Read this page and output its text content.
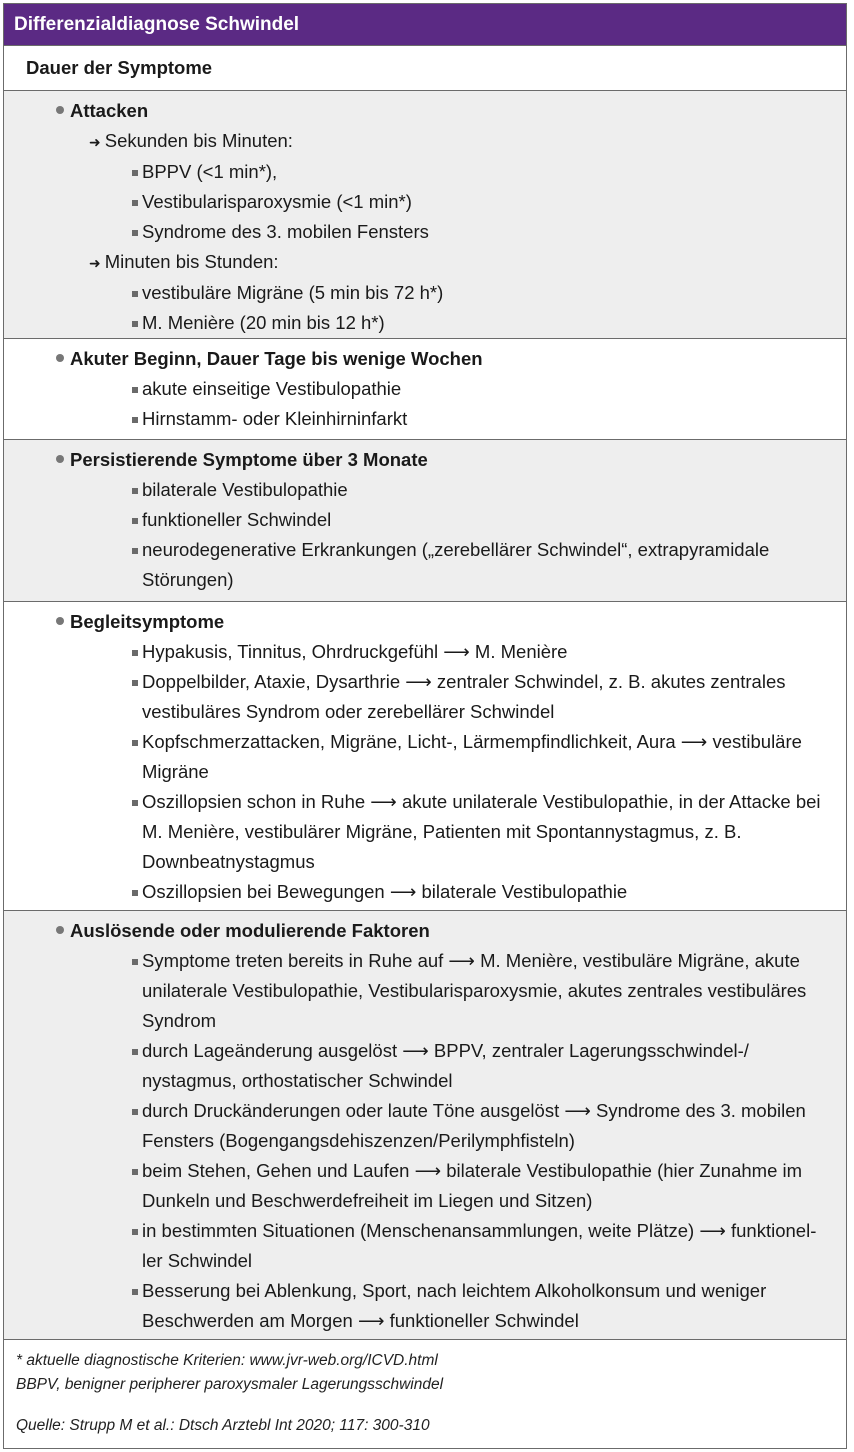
Differenzialdiagnose Schwindel
Dauer der Symptome
Attacken
➜ Sekunden bis Minuten:
BPPV (<1 min*),
Vestibularisparoxysmie (<1 min*)
Syndrome des 3. mobilen Fensters
➜ Minuten bis Stunden:
vestibuläre Migräne (5 min bis 72 h*)
M. Menière (20 min bis 12 h*)
Akuter Beginn, Dauer Tage bis wenige Wochen
akute einseitige Vestibulopathie
Hirnstamm- oder Kleinhirninfarkt
Persistierende Symptome über 3 Monate
bilaterale Vestibulopathie
funktioneller Schwindel
neurodegenerative Erkrankungen („zerebellärer Schwindel“, extrapyramidale
Störungen)
Begleitsymptome
Hypakusis, Tinnitus, Ohrdruckgefühl ⟶ M. Menière
Doppelbilder, Ataxie, Dysarthrie ⟶ zentraler Schwindel, z. B. akutes zentrales
vestibuläres Syndrom oder zerebellärer Schwindel
Kopfschmerzattacken, Migräne, Licht-, Lärmempfindlichkeit, Aura ⟶ vestibuläre
Migräne
Oszillopsien schon in Ruhe ⟶ akute unilaterale Vestibulopathie, in der Attacke bei
M. Menière, vestibulärer Migräne, Patienten mit Spontannystagmus, z. B.
Downbeatnystagmus
Oszillopsien bei Bewegungen ⟶ bilaterale Vestibulopathie
Auslösende oder modulierende Faktoren
Symptome treten bereits in Ruhe auf ⟶ M. Menière, vestibuläre Migräne, akute
unilaterale Vestibulopathie, Vestibularisparoxysmie, akutes zentrales vestibuläres
Syndrom
durch Lageänderung ausgelöst ⟶ BPPV, zentraler Lagerungsschwindel-/
nystagmus, orthostatischer Schwindel
durch Druckänderungen oder laute Töne ausgelöst ⟶ Syndrome des 3. mobilen
Fensters (Bogengangsdehiszenzen/Perilymphfisteln)
beim Stehen, Gehen und Laufen ⟶ bilaterale Vestibulopathie (hier Zunahme im
Dunkeln und Beschwerdefreiheit im Liegen und Sitzen)
in bestimmten Situationen (Menschenansammlungen, weite Plätze) ⟶ funktionel-
ler Schwindel
Besserung bei Ablenkung, Sport, nach leichtem Alkoholkonsum und weniger
Beschwerden am Morgen ⟶ funktioneller Schwindel
* aktuelle diagnostische Kriterien: www.jvr-web.org/ICVD.html
BBPV, benigner peripherer paroxysmaler Lagerungsschwindel
Quelle: Strupp M et al.: Dtsch Arztebl Int 2020; 117: 300-310
